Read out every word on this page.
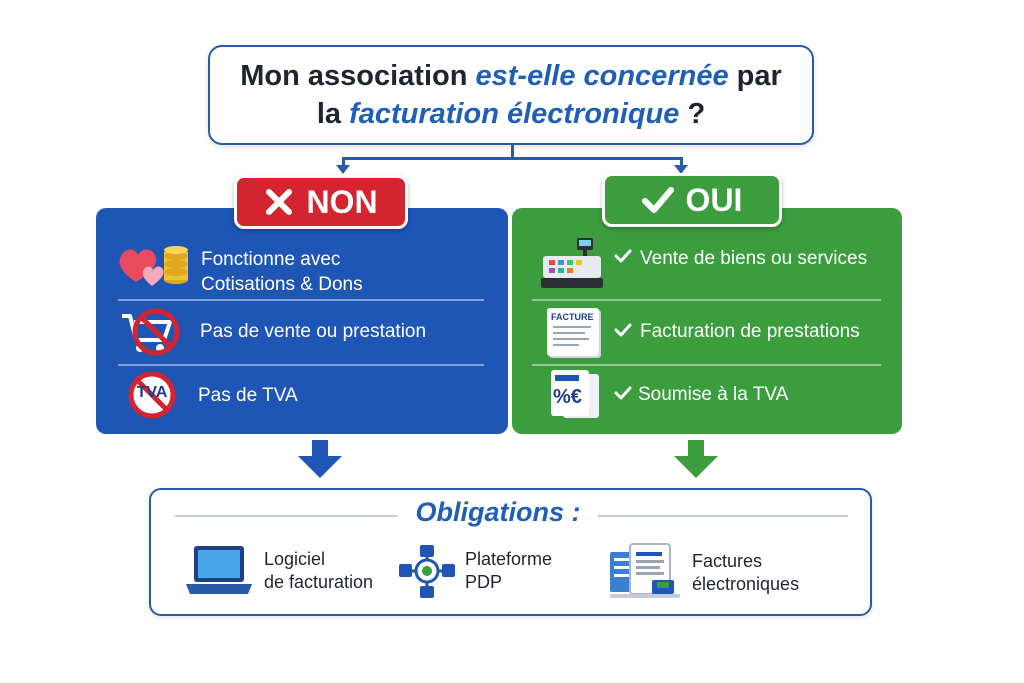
Mon association est-elle concernée par
la facturation électronique ?
NON
Fonctionne avec
Cotisations & Dons
Pas de vente ou prestation
TVA	Pas de TVA
OUI
Vente de biens ou services
FACTURE
Facturation de prestations
%€	Soumise à la TVA
Obligations :
Logiciel
de facturation
Plateforme
PDP
Factures
électroniques
